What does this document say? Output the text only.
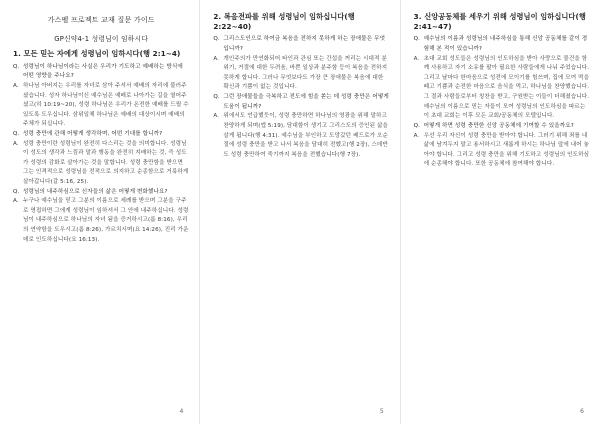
가스펠 프로젝트 교재 질문 가이드
GP신약4-1 성령님이 임하시다
1. 모든 믿는 자에게 성령님이 임하시다(행 2:1~4)
Q. 성령님이 하나님이라는 사실은 우리가 기도하고 예배하는 방식에 어떤 영향을 주나요?

A. 하나님 아버지는 우리를 자녀로 삼아 주셔서 예배의 자리에 불러주셨습니다. 성자 하나님이신 예수님은 예배로 나아가는 길을 열어주셨고(히 10:19~20), 성령 하나님은 우리가 온전한 예배를 드릴 수 있도록 도우십니다. 삼위일체 하나님은 예배의 대상이시며 예배의 주체가 되십니다.

Q. 성령 충만에 관해 어떻게 생각하며, 어떤 기대를 합니까?

A. 성령 충만이란 성령님이 완전히 다스리는 것을 의미합니다. 성령님이 성도의 생각과 느낌과 말과 행동을 완전히 지배하는 것, 즉 성도가 성령의 감화로 살아가는 것을 말합니다. 성령 충만함을 받으면 그는 인격적으로 성령님을 전적으로 의지하고 순종함으로 거룩하게 살아갑니다(갈 5:16, 25).

Q. 성령님의 내주하심으로 신자들의 삶은 어떻게 변화했나요?

A. 누구나 예수님을 믿고 그분의 이름으로 세례를 받으며 그분을 구주로 영접하면 그에게 성령님이 임하셔서 그 안에 내주하십니다. 성령님이 내주하심으로 하나님의 자녀 됨을 증거하시고(롬 8:16), 우리의 연약함을 도우시고(롬 8:26), 가르치시며(요 14:26), 진리 가운데로 인도하십니다(요 16:13).

4
2. 복음전파를 위해 성령님이 임하십니다(행 2:22~40)
Q. 그리스도인으로 하여금 복음을 전하지 못하게 하는 장애물은 무엇입니까?

A. 개인주의가 만연화되어 타인과 관심 또는 간섭을 꺼리는 시대적 분위기, 거절에 대한 두려움, 바쁜 일상과 분주함 등이 복음을 전하지 못하게 합니다. 그러나 무엇보다도 가장 큰 장애물은 복음에 대한 확신과 기쁨이 없는 것입니다.

Q. 그런 장애물들을 극복하고 전도에 힘을 쏟는 데 성령 충만은 어떻게 도움이 됩니까?

A. 위에서도 언급했듯이, 성령 충만하면 하나님의 영광을 위해 말하고 찬양하게 되며(엡 5:19), 담대함이 생기고 그리스도의 증인된 삶을 살게 됩니다(행 4:31). 예수님을 부인하고 도망갔던 베드로가 오순절에 성령 충만을 받고 나서 복음을 담대히 전했고(행 2장), 스데반도 성령 충만하여 죽기까지 복음을 전했습니다(행 7장).

5
3. 신앙공동체를 세우기 위해 성령님이 임하십니다(행 2:41~47)
Q. 예수님의 이름과 성령님의 내주하심을 통해 신앙 공동체를 같이 경험해 본 적이 있습니까?

A. 초대 교회 성도들은 성령님의 인도하심을 받아 사랑으로 물건을 함께 사용하고 자기 소유를 팔아 필요한 사람들에게 나눠 주었습니다. 그리고 날마다 한마음으로 성전에 모이기를 힘쓰며, 집에 모여 떡을 떼고 기쁨과 순전한 마음으로 음식을 먹고, 하나님을 찬양했습니다. 그 결과 사람들로부터 칭찬을 받고, 구원받는 이들이 더해졌습니다. 예수님의 이름으로 믿는 자들이 모여 성령님의 인도하심을 따르는 이 초대 교회는 이후 모든 교회/공동체의 모델입니다.

Q. 어떻게 하면 성령 충만한 신앙 공동체에 기여할 수 있을까요?

A. 우선 우리 자신이 성령 충만을 받아야 합니다. 그러기 위해 죄를 내 삶에 남겨두지 말고 용서하시고 새롭게 하시는 하나님 앞에 내어 놓아야 합니다. 그리고 성령 충만을 위해 기도하고 성령님의 인도하심에 순종해야 합니다. 또한 공동체에 참여해야 합니다.

6
